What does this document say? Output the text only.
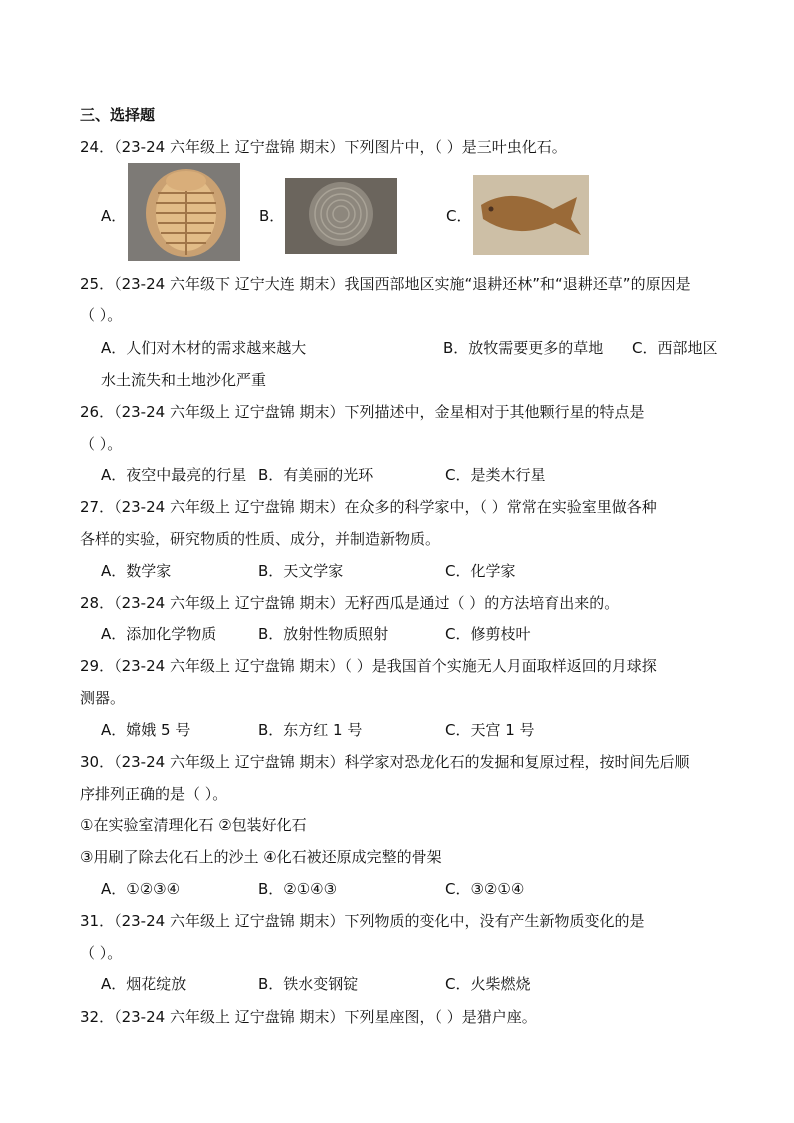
三、选择题
24．（23-24 六年级上 辽宁盘锦 期末）下列图片中，（ ）是三叶虫化石。
A．	B．	C．
25．（23-24 六年级下 辽宁大连 期末）我国西部地区实施“退耕还林”和“退耕还草”的原因是
（ ）。
A．人们对木材的需求越来越大	B．放牧需要更多的草地 C．西部地区
水土流失和土地沙化严重
26．（23-24 六年级上 辽宁盘锦 期末）下列描述中，金星相对于其他颗行星的特点是
（ ）。
A．夜空中最亮的行星 B．有美丽的光环	C．是类木行星
27．（23-24 六年级上 辽宁盘锦 期末）在众多的科学家中，（ ）常常在实验室里做各种
各样的实验，研究物质的性质、成分，并制造新物质。
A．数学家	B．天文学家	C．化学家
28．（23-24 六年级上 辽宁盘锦 期末）无籽西瓜是通过（ ）的方法培育出来的。
A．添加化学物质	B．放射性物质照射	C．修剪枝叶
29．（23-24 六年级上 辽宁盘锦 期末）（ ）是我国首个实施无人月面取样返回的月球探
测器。
A．嫦娥 5 号	B．东方红 1 号	C．天宫 1 号
30．（23-24 六年级上 辽宁盘锦 期末）科学家对恐龙化石的发掘和复原过程，按时间先后顺
序排列正确的是（ ）。
①在实验室清理化石 ②包装好化石
③用刷了除去化石上的沙土 ④化石被还原成完整的骨架
A．①②③④	B．②①④③	C．③②①④
31．（23-24 六年级上 辽宁盘锦 期末）下列物质的变化中，没有产生新物质变化的是
（ ）。
A．烟花绽放	B．铁水变钢锭	C．火柴燃烧
32．（23-24 六年级上 辽宁盘锦 期末）下列星座图，（ ）是猎户座。
